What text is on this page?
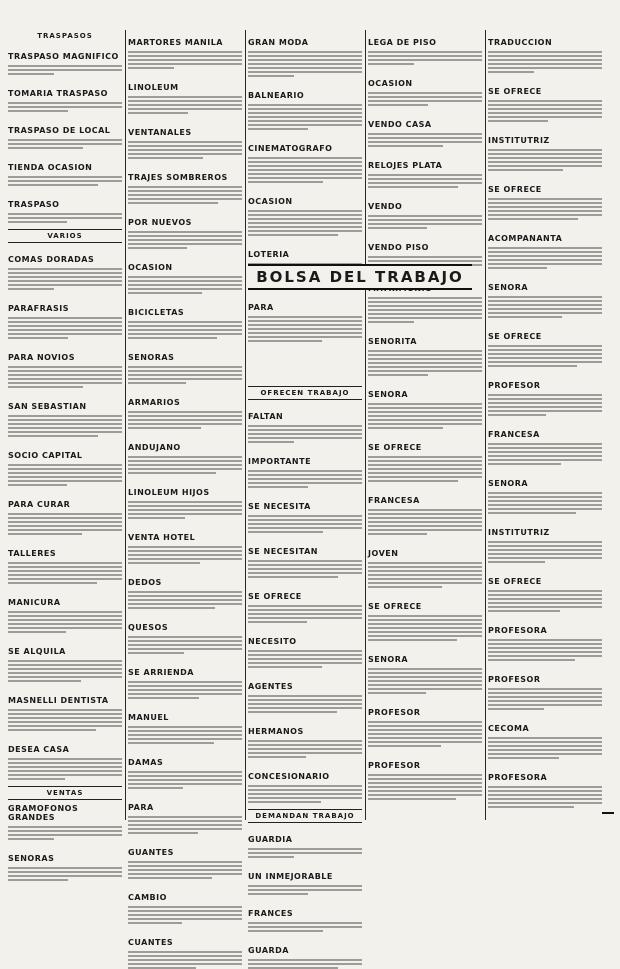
TRASPASOS
TRASPASO MAGNIFICO
TOMARIA TRASPASO
TRASPASO DE LOCAL
TIENDA OCASION
TRASPASO
VARIOS
COMAS DORADAS
PARAFRASIS
PARA NOVIOS
SAN SEBASTIAN
SOCIO CAPITAL
PARA CURAR
TALLERES
MANICURA
SE ALQUILA
MASNELLI DENTISTA
DESEA CASA
VENTAS
GRAMOFONOS GRANDES
SENORAS
MARTORES MANILA
LINOLEUM
VENTANALES
TRAJES SOMBREROS
POR NUEVOS
OCASION
BICICLETAS
SENORAS
ARMARIOS
ANDUJANO
LINOLEUM HIJOS
VENTA HOTEL
DEDOS
QUESOS
SE ARRIENDA
MANUEL
DAMAS
PARA
GUANTES
CAMBIO
CUANTES
GRAN MODA
BALNEARIO
CINEMATOGRAFO
OCASION
LOTERIA
PARA
OFRECEN TRABAJO
FALTAN
IMPORTANTE
SE NECESITA
SE NECESITAN
SE OFRECE
NECESITO
AGENTES
HERMANOS
CONCESIONARIO
DEMANDAN TRABAJO
GUARDIA
UN INMEJORABLE
FRANCES
GUARDA
LEGA DE PISO
OCASION
VENDO CASA
RELOJES PLATA
VENDO
VENDO PISO
SENORITA
SENORA
SE OFRECE
FRANCESA
JOVEN
SE OFRECE
SENORA
PROFESOR
PROFESOR
TRADUCCION
SE OFRECE
INSTITUTRIZ
SE OFRECE
ACOMPANANTA
SENORA
SE OFRECE
PROFESOR
FRANCESA
SENORA
INSTITUTRIZ
SE OFRECE
PROFESORA
PROFESOR
CECOMA
PROFESORA
BOLSA DEL TRABAJO
